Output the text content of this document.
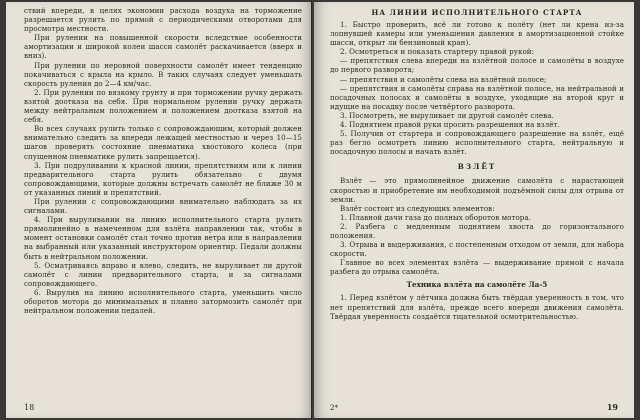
ствий впереди, в целях экономии расхода воздуха на торможение разрешается рулить по прямой с периодическими отворотами для просмотра местности.

При рулении на повышенной скорости вследствие особенности амортизации и широкой колеи шасси самолёт раскачивается (вверх и вниз).

При рулении по неровной поверхности самолёт имеет тенденцию покачиваться с крыла на крыло. В таких случаях следует уменьшать скорость руления до 2—4 км/час.

2. При рулении по вязкому грунту и при торможении ручку держать взятой доотказа на себя. При нормальном рулении ручку держать между нейтральным положением и положением доотказа взятой на себя.

Во всех случаях рулить только с сопровождающим, который должен внимательно следить за впереди лежащей местностью и через 10—15 шагов проверять состояние пневматика хвостового колеса (при спущенном пневматике рулить запрещается).

3. При подруливании к красной линии, препятствиям или к линии предварительного старта рулить обязательно с двумя сопровождающими, которые должны встречать самолёт не ближе 30 м от указанных линий и препятствий.

При рулении с сопровождающими внимательно наблюдать за их сигналами.

4. При выруливании на линию исполнительного старта рулить прямолинейно в намеченном для взлёта направлении так, чтобы в момент остановки самолёт стал точно против ветра или в направлении на выбранный или указанный инструктором ориентир. Педали должны быть в нейтральном положении.

5. Осматриваясь вправо и влево, следить, не выруливает ли другой самолёт с линии предварительного старта, и за сигналами сопровождающего.

6. Вырулив на линию исполнительного старта, уменьшить число оборотов мотора до минимальных и плавно затормозить самолёт при нейтральном положении педалей.

18
НА ЛИНИИ ИСПОЛНИТЕЛЬНОГО СТАРТА

1. Быстро проверить, всё ли готово к полёту (нет ли крена из-за лопнувшей камеры или уменьшения давления в амортизационной стойке шасси, открыт ли бензиновый кран).

2. Осмотреться и показать стартеру правой рукой:

— препятствия слева впереди на взлётной полосе и самолёты в воздухе до первого разворота;

— препятствия и самолёты слева на взлётной полосе;

— препятствия и самолёты справа на взлётной полосе, на нейтральной и посадочных полосах и самолёты в воздухе, уходящие на второй круг и идущие на посадку после четвёртого разворота.

3. Посмотреть, не выруливает ли другой самолёт слева.

4. Поднятием правой руки просить разрешения на взлёт.

5. Получив от стартера и сопровождающего разрешение на взлёт, ещё раз бегло осмотреть линию исполнительного старта, нейтральную и посадочную полосы и начать взлёт.

ВЗЛЁТ

Взлёт — это прямолинейное движение самолёта с нарастающей скоростью и приобретение им необходимой подъёмной силы для отрыва от земли.

Взлёт состоит из следующих элементов:

1. Плавной дачи газа до полных оборотов мотора.

2. Разбега с медленным поднятием хвоста до горизонтального положения.

3. Отрыва и выдерживания, с постепенным отходом от земли, для набора скорости.

Главное во всех элементах взлёта — выдерживание прямой с начала разбега до отрыва самолёта.

Техника взлёта на самолёте Ла-5

1. Перед взлётом у лётчика должна быть твёрдая уверенность в том, что нет препятствий для взлёта, прежде всего впереди движения самолёта. Твёрдая уверенность создаётся тщательной осмотрительностью.

2*	19
